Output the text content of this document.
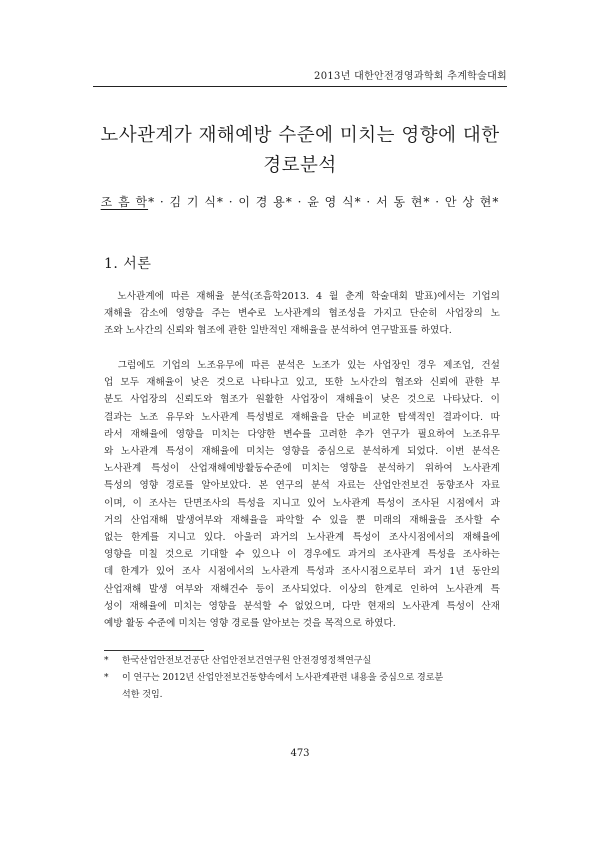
2013년 대한안전경영과학회 추계학술대회
노사관계가 재해예방 수준에 미치는 영향에 대한
경로분석
조 흠 학* · 김 기 식* · 이 경 용* · 윤 영 식* · 서 동 현* · 안 상 현*
1. 서론
　노사관계에 따른 재해율 분석(조흠학2013. 4 월 춘계 학술대회 발표)에서는 기업의
재해율 감소에 영향을 주는 변수로 노사관계의 협조성을 가지고 단순히 사업장의 노
조와 노사간의 신뢰와 협조에 관한 일반적인 재해율을 분석하여 연구발표를 하였다.
　그럼에도 기업의 노조유무에 따른 분석은 노조가 있는 사업장인 경우 제조업, 건설
업 모두 재해율이 낮은 것으로 나타나고 있고, 또한 노사간의 협조와 신뢰에 관한 부
분도 사업장의 신뢰도와 협조가 원활한 사업장이 재해율이 낮은 것으로 나타났다. 이
결과는 노조 유무와 노사관계 특성별로 재해율을 단순 비교한 탐색적인 결과이다. 따
라서 재해율에 영향을 미치는 다양한 변수를 고려한 추가 연구가 필요하여 노조유무
와 노사관계 특성이 재해율에 미치는 영향을 중심으로 분석하게 되었다. 이번 분석은
노사관계 특성이 산업재해예방활동수준에 미치는 영향을 분석하기 위하여 노사관계
특성의 영향 경로를 알아보았다. 본 연구의 분석 자료는 산업안전보건 동향조사 자료
이며, 이 조사는 단면조사의 특성을 지니고 있어 노사관계 특성이 조사된 시점에서 과
거의 산업재해 발생여부와 재해율을 파악할 수 있을 뿐 미래의 재해율을 조사할 수
없는 한계를 지니고 있다. 아울러 과거의 노사관계 특성이 조사시점에서의 재해율에
영향을 미칠 것으로 기대할 수 있으나 이 경우에도 과거의 조사관계 특성을 조사하는
데 한계가 있어 조사 시점에서의 노사관계 특성과 조사시점으로부터 과거 1년 동안의
산업재해 발생 여부와 재해건수 등이 조사되었다. 이상의 한계로 인하여 노사관계 특
성이 재해율에 미치는 영향을 분석할 수 없었으며, 다만 현재의 노사관계 특성이 산재
예방 활동 수준에 미치는 영향 경로를 알아보는 것을 목적으로 하였다.
* 한국산업안전보건공단 산업안전보건연구원 안전경영정책연구실
* 이 연구는 2012년 산업안전보건동향속에서 노사관계관련 내용을 중심으로 경로분
석한 것임.
473
